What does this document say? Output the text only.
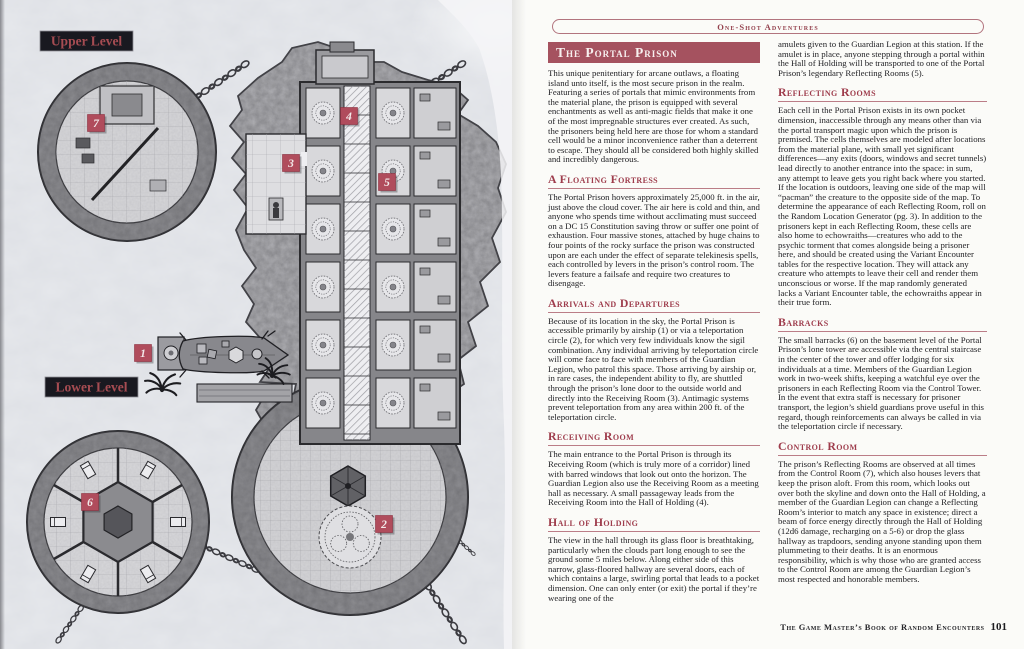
Upper Level
Lower Level
1
2
3
4
5
6
7
One-Shot Adventures
The Portal Prison

This unique penitentiary for arcane outlaws, a floating island unto itself, is the most secure prison in the realm. Featuring a series of portals that mimic environments from the material plane, the prison is equipped with several enchantments as well as anti-magic fields that make it one of the most impregnable structures ever created. As such, the prisoners being held here are those for whom a standard cell would be a minor inconvenience rather than a deterrent to escape. They should all be considered both highly skilled and incredibly dangerous.

A Floating Fortress

The Portal Prison hovers approximately 25,000 ft. in the air, just above the cloud cover. The air here is cold and thin, and anyone who spends time without acclimating must succeed on a DC 15 Constitution saving throw or suffer one point of exhaustion. Four massive stones, attached by huge chains to four points of the rocky surface the prison was constructed upon are each under the effect of separate telekinesis spells, each controlled by levers in the prison’s control room. The levers feature a failsafe and require two creatures to disengage.

Arrivals and Departures

Because of its location in the sky, the Portal Prison is accessible primarily by airship (1) or via a teleportation circle (2), for which very few individuals know the sigil combination. Any individual arriving by teleportation circle will come face to face with members of the Guardian Legion, who patrol this space. Those arriving by airship or, in rare cases, the independent ability to fly, are shuttled through the prison’s lone door to the outside world and directly into the Receiving Room (3). Antimagic systems prevent teleportation from any area within 200 ft. of the teleportation circle.

Receiving Room

The main entrance to the Portal Prison is through its Receiving Room (which is truly more of a corridor) lined with barred windows that look out onto the horizon. The Guardian Legion also use the Receiving Room as a meeting hall as necessary. A small passageway leads from the Receiving Room into the Hall of Holding (4).

Hall of Holding

The view in the hall through its glass floor is breathtaking, particularly when the clouds part long enough to see the ground some 5 miles below. Along either side of this narrow, glass-floored hallway are several doors, each of which contains a large, swirling portal that leads to a pocket dimension. One can only enter (or exit) the portal if they’re wearing one of the

amulets given to the Guardian Legion at this station. If the amulet is in place, anyone stepping through a portal within the Hall of Holding will be transported to one of the Portal Prison’s legendary Reflecting Rooms (5).

Reflecting Rooms

Each cell in the Portal Prison exists in its own pocket dimension, inaccessible through any means other than via the portal transport magic upon which the prison is premised. The cells themselves are modeled after locations from the material plane, with small yet significant differences—any exits (doors, windows and secret tunnels) lead directly to another entrance into the space: in sum, any attempt to leave gets you right back where you started. If the location is outdoors, leaving one side of the map will “pacman” the creature to the opposite side of the map. To determine the appearance of each Reflecting Room, roll on the Random Location Generator (pg. 3). In addition to the prisoners kept in each Reflecting Room, these cells are also home to echowraiths—creatures who add to the psychic torment that comes alongside being a prisoner here, and should be created using the Variant Encounter tables for the respective location. They will attack any creature who attempts to leave their cell and render them unconscious or worse. If the map randomly generated lacks a Variant Encounter table, the echowraiths appear in their true form.

Barracks

The small barracks (6) on the basement level of the Portal Prison’s lone tower are accessible via the central staircase in the center of the tower and offer lodging for six individuals at a time. Members of the Guardian Legion work in two-week shifts, keeping a watchful eye over the prisoners in each Reflecting Room via the Control Tower. In the event that extra staff is necessary for prisoner transport, the legion’s shield guardians prove useful in this regard, though reinforcements can always be called in via the teleportation circle if necessary.

Control Room

The prison’s Reflecting Rooms are observed at all times from the Control Room (7), which also houses levers that keep the prison aloft. From this room, which looks out over both the skyline and down onto the Hall of Holding, a member of the Guardian Legion can change a Reflecting Room’s interior to match any space in existence; direct a beam of force energy directly through the Hall of Holding (12d6 damage, recharging on a 5-6) or drop the glass hallway as trapdoors, sending anyone standing upon them plummeting to their deaths. It is an enormous responsibility, which is why those who are granted access to the Control Room are among the Guardian Legion’s most respected and honorable members.

The Game Master’s Book of Random Encounters 101
